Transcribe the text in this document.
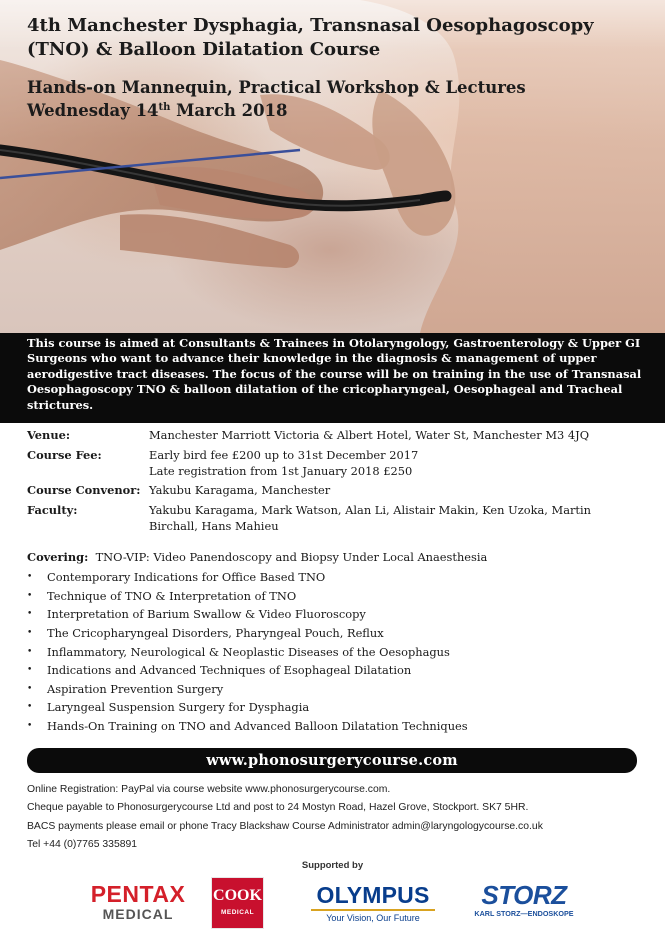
4th Manchester Dysphagia, Transnasal Oesophagoscopy
(TNO) & Balloon Dilatation Course
Hands-on Mannequin, Practical Workshop & Lectures
Wednesday 14th March 2018
This course is aimed at Consultants & Trainees in Otolaryngology, Gastroenterology & Upper GI Surgeons who want to advance their knowledge in the diagnosis & management of upper aerodigestive tract diseases. The focus of the course will be on training in the use of Transnasal Oesophagoscopy TNO & balloon dilatation of the cricopharyngeal, Oesophageal and Tracheal strictures.
Venue:	Manchester Marriott Victoria & Albert Hotel, Water St, Manchester M3 4JQ
Course Fee:	Early bird fee £200 up to 31st December 2017
Late registration from 1st January 2018 £250
Course Convenor: Yakubu Karagama, Manchester
Faculty:	Yakubu Karagama, Mark Watson, Alan Li, Alistair Makin, Ken Uzoka, Martin Birchall, Hans Mahieu
Covering: TNO-VIP: Video Panendoscopy and Biopsy Under Local Anaesthesia
•	Contemporary Indications for Office Based TNO
•	Technique of TNO & Interpretation of TNO
•	Interpretation of Barium Swallow & Video Fluoroscopy
•	The Cricopharyngeal Disorders, Pharyngeal Pouch, Reflux
•	Inflammatory, Neurological & Neoplastic Diseases of the Oesophagus
•	Indications and Advanced Techniques of Esophageal Dilatation
•	Aspiration Prevention Surgery
•	Laryngeal Suspension Surgery for Dysphagia
•	Hands-On Training on TNO and Advanced Balloon Dilatation Techniques
www.phonosurgerycourse.com
Online Registration: PayPal via course website www.phonosurgerycourse.com.
Cheque payable to Phonosurgerycourse Ltd and post to 24 Mostyn Road, Hazel Grove, Stockport. SK7 5HR.
BACS payments please email or phone Tracy Blackshaw Course Administrator admin@laryngologycourse.co.uk
Tel +44 (0)7765 335891
Supported by
PENTAX
MEDICAL
COOK
MEDICAL
OLYMPUS
Your Vision, Our Future
STORZ
KARL STORZ—ENDOSKOPE
